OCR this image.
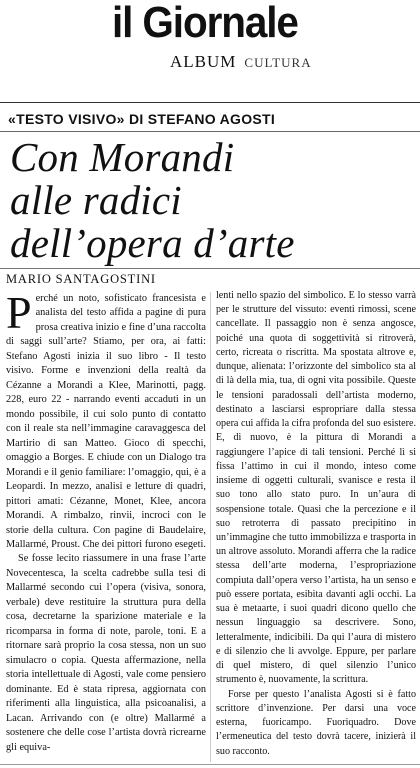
il Giornale
ALBUM CULTURA
«TESTO VISIVO» DI STEFANO AGOSTI
Con Morandi
alle radici
dell’opera d’arte
MARIO SANTAGOSTINI

Perché un noto, sofisticato francesista e analista del testo affida a pagine di pura prosa creativa inizio e fine d’una raccolta di saggi sull’arte? Stiamo, per ora, ai fatti: Stefano Agosti inizia il suo libro - Il testo visivo. Forme e invenzioni della realtà da Cézanne a Morandi a Klee, Marinotti, pagg. 228, euro 22 - narrando eventi accaduti in un mondo possibile, il cui solo punto di contatto con il reale sta nell’immagine caravaggesca del Martirio di san Matteo. Gioco di specchi, omaggio a Borges. E chiude con un Dialogo tra Morandi e il genio familiare: l’omaggio, qui, è a Leopardi. In mezzo, analisi e letture di quadri, pittori amati: Cézanne, Monet, Klee, ancora Morandi. A rimbalzo, rinvii, incroci con le storie della cultura. Con pagine di Baudelaire, Mallarmé, Proust. Che dei pittori furono esegeti.

Se fosse lecito riassumere in una frase l’arte Novecentesca, la scelta cadrebbe sulla tesi di Mallarmé secondo cui l’opera (visiva, sonora, verbale) deve restituire la struttura pura della cosa, decretarne la sparizione materiale e la ricomparsa in forma di note, parole, toni. E a ritornare sarà proprio la cosa stessa, non un suo simulacro o copia. Questa affermazione, nella storia intellettuale di Agosti, vale come pensiero dominante. Ed è stata ripresa, aggiornata con riferimenti alla linguistica, alla psicoanalisi, a Lacan. Arrivando con (e oltre) Mallarmé a sostenere che delle cose l’artista dovrà ricrearne gli equiva-

lenti nello spazio del simbolico. E lo stesso varrà per le strutture del vissuto: eventi rimossi, scene cancellate. Il passaggio non è senza angosce, poiché una quota di soggettività si ritroverà, certo, ricreata o riscritta. Ma spostata altrove e, dunque, alienata: l’orizzonte del simbolico sta al di là della mia, tua, di ogni vita possibile. Queste le tensioni paradossali dell’artista moderno, destinato a lasciarsi espropriare dalla stessa opera cui affida la cifra profonda del suo esistere. E, di nuovo, è la pittura di Morandi a raggiungere l’apice di tali tensioni. Perché lì si fissa l’attimo in cui il mondo, inteso come insieme di oggetti culturali, svanisce e resta il suo tono allo stato puro. In un’aura di sospensione totale. Quasi che la percezione e il suo retroterra di passato precipitino in un’immagine che tutto immobilizza e trasporta in un altrove assoluto. Morandi afferra che la radice stessa dell’arte moderna, l’espropriazione compiuta dall’opera verso l’artista, ha un senso e può essere portata, esibita davanti agli occhi. La sua è metaarte, i suoi quadri dicono quello che nessun linguaggio sa descrivere. Sono, letteralmente, indicibili. Da qui l’aura di mistero e di silenzio che li avvolge. Eppure, per parlare di quel mistero, di quel silenzio l’unico strumento è, nuovamente, la scrittura.

Forse per questo l’analista Agosti si è fatto scrittore d’invenzione. Per darsi una voce esterna, fuoricampo. Fuoriquadro. Dove l’ermeneutica del testo dovrà tacere, inizierà il suo racconto.
